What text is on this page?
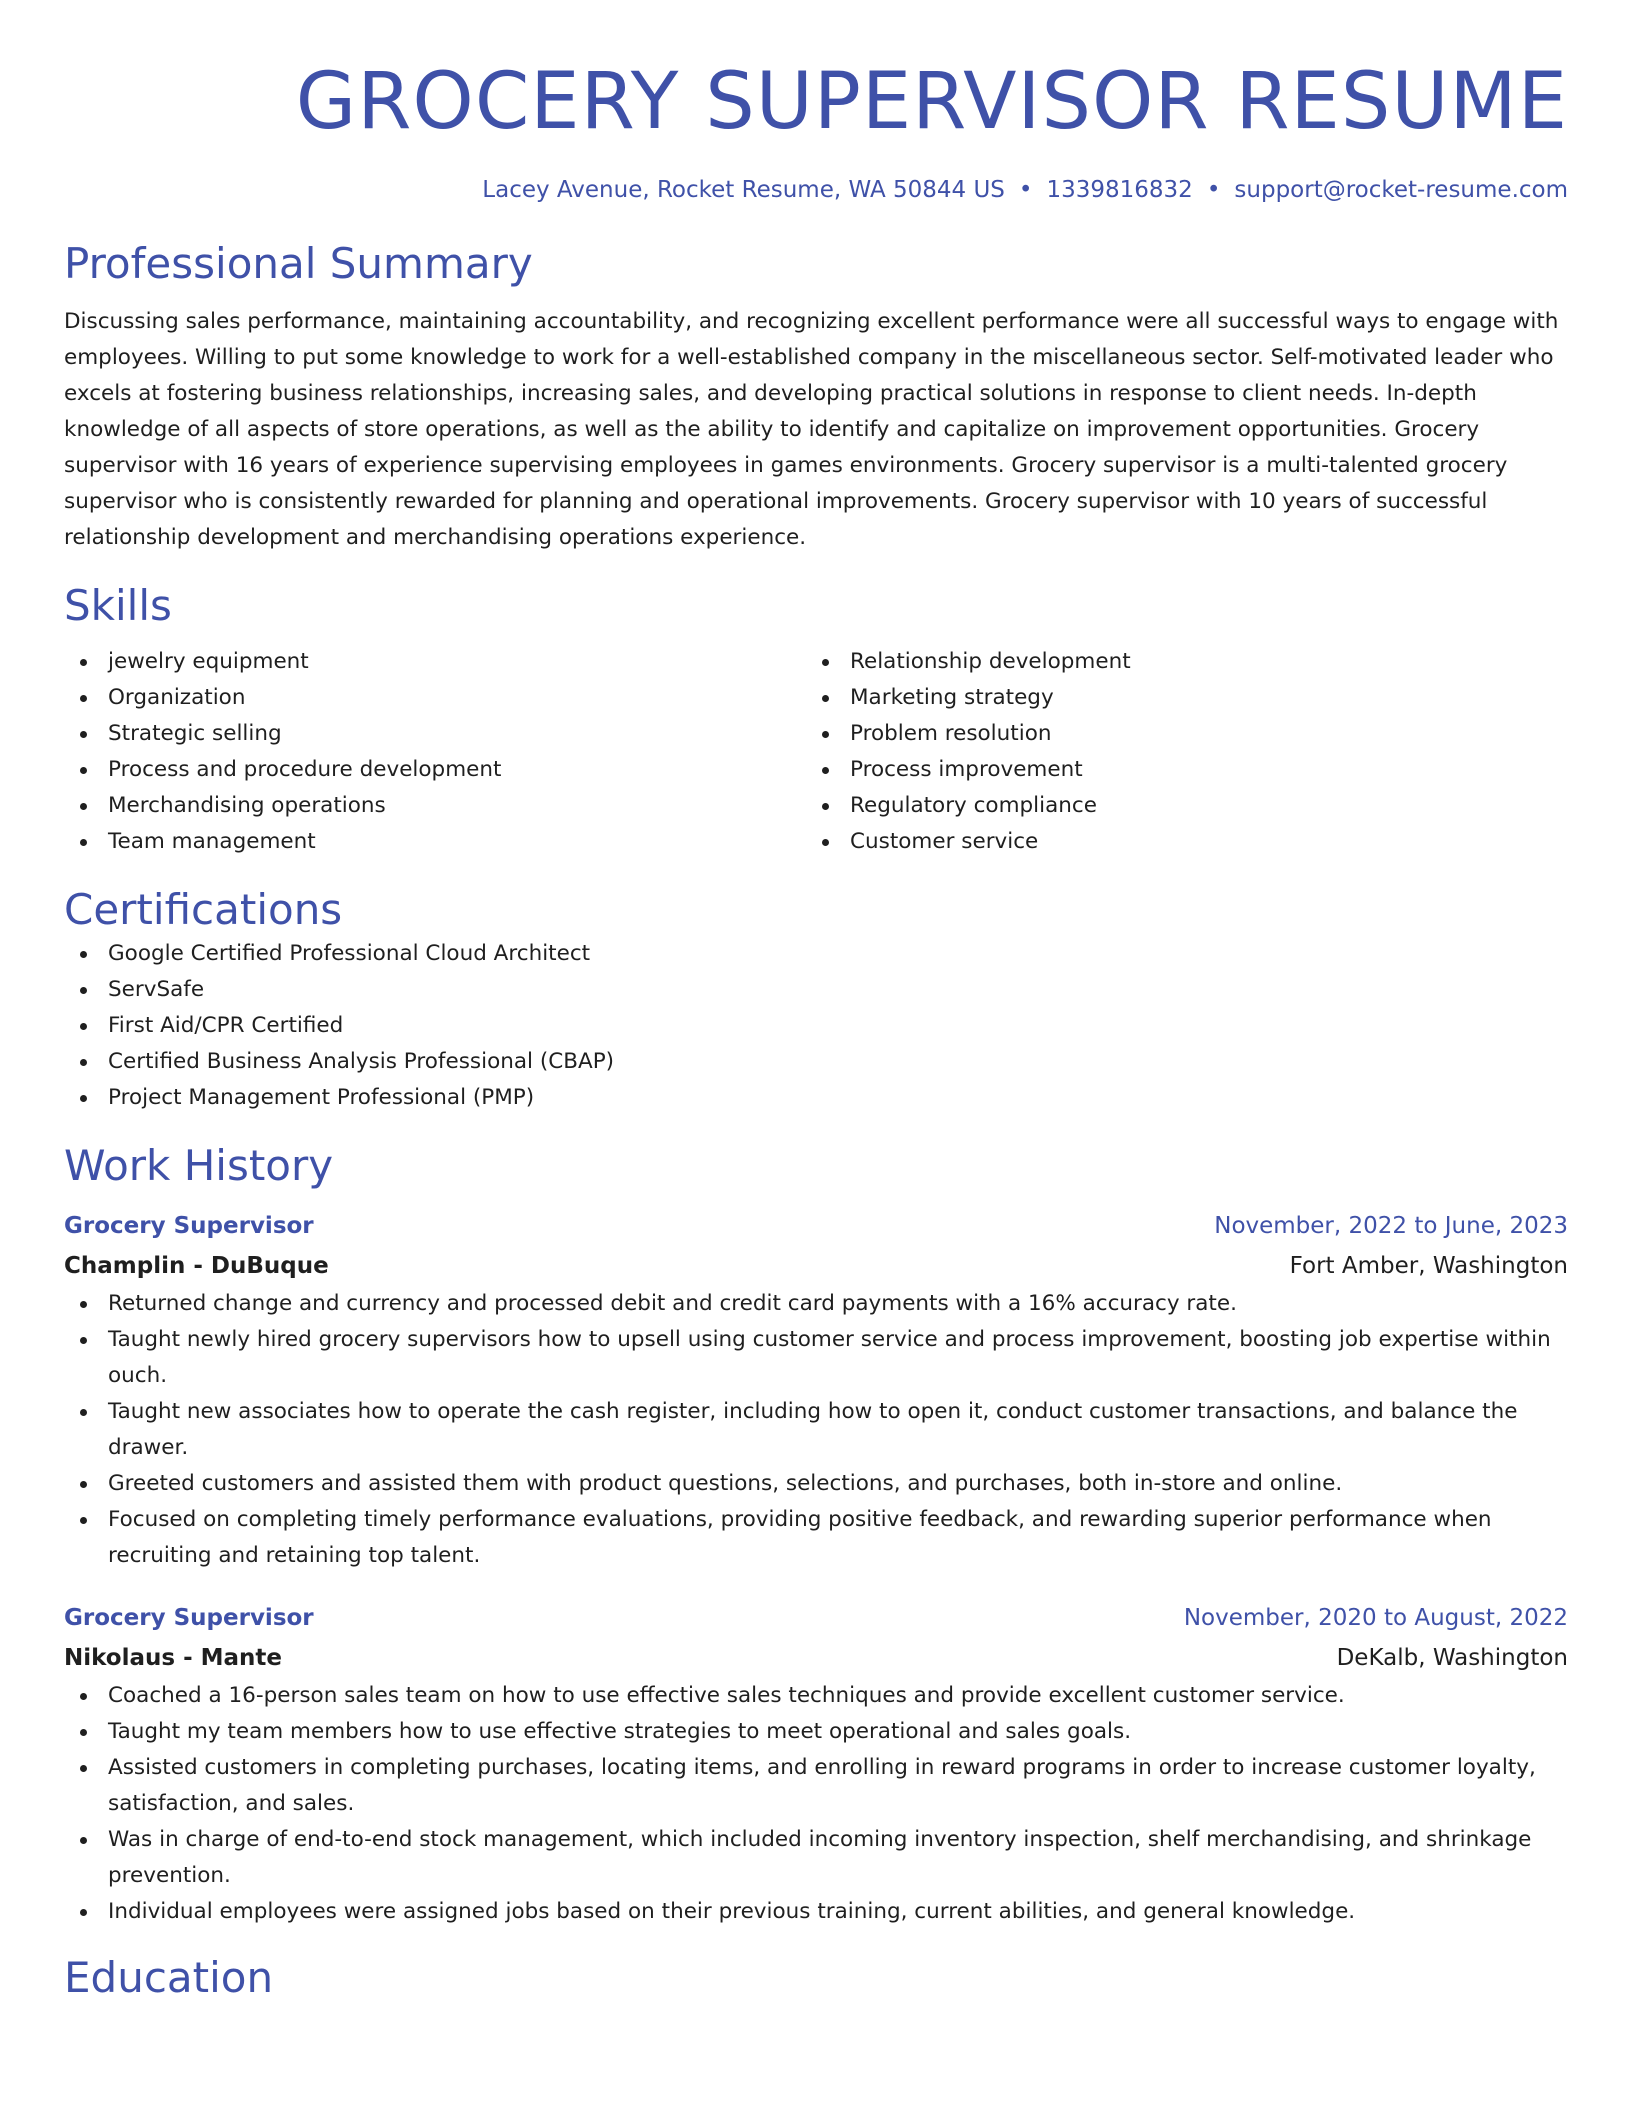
GROCERY SUPERVISOR RESUME
Lacey Avenue, Rocket Resume, WA 50844 US • 1339816832 • support@rocket-resume.com
Professional Summary

Discussing sales performance, maintaining accountability, and recognizing excellent performance were all successful ways to engage with employees. Willing to put some knowledge to work for a well-established company in the miscellaneous sector. Self-motivated leader who excels at fostering business relationships, increasing sales, and developing practical solutions in response to client needs. In-depth knowledge of all aspects of store operations, as well as the ability to identify and capitalize on improvement opportunities. Grocery supervisor with 16 years of experience supervising employees in games environments. Grocery supervisor is a multi-talented grocery supervisor who is consistently rewarded for planning and operational improvements. Grocery supervisor with 10 years of successful relationship development and merchandising operations experience.

Skills
jewelry equipment
Organization
Strategic selling
Process and procedure development
Merchandising operations
Team management
Relationship development
Marketing strategy
Problem resolution
Process improvement
Regulatory compliance
Customer service
Certifications
Google Certified Professional Cloud Architect
ServSafe
First Aid/CPR Certified
Certified Business Analysis Professional (CBAP)
Project Management Professional (PMP)
Work History
Grocery Supervisor	November, 2022 to June, 2023
Champlin - DuBuque	Fort Amber, Washington
Returned change and currency and processed debit and credit card payments with a 16% accuracy rate.
Taught newly hired grocery supervisors how to upsell using customer service and process improvement, boosting job expertise within ouch.
Taught new associates how to operate the cash register, including how to open it, conduct customer transactions, and balance the drawer.
Greeted customers and assisted them with product questions, selections, and purchases, both in-store and online.
Focused on completing timely performance evaluations, providing positive feedback, and rewarding superior performance when recruiting and retaining top talent.
Grocery Supervisor	November, 2020 to August, 2022
Nikolaus - Mante	DeKalb, Washington
Coached a 16-person sales team on how to use effective sales techniques and provide excellent customer service.
Taught my team members how to use effective strategies to meet operational and sales goals.
Assisted customers in completing purchases, locating items, and enrolling in reward programs in order to increase customer loyalty, satisfaction, and sales.
Was in charge of end-to-end stock management, which included incoming inventory inspection, shelf merchandising, and shrinkage prevention.
Individual employees were assigned jobs based on their previous training, current abilities, and general knowledge.
Education
